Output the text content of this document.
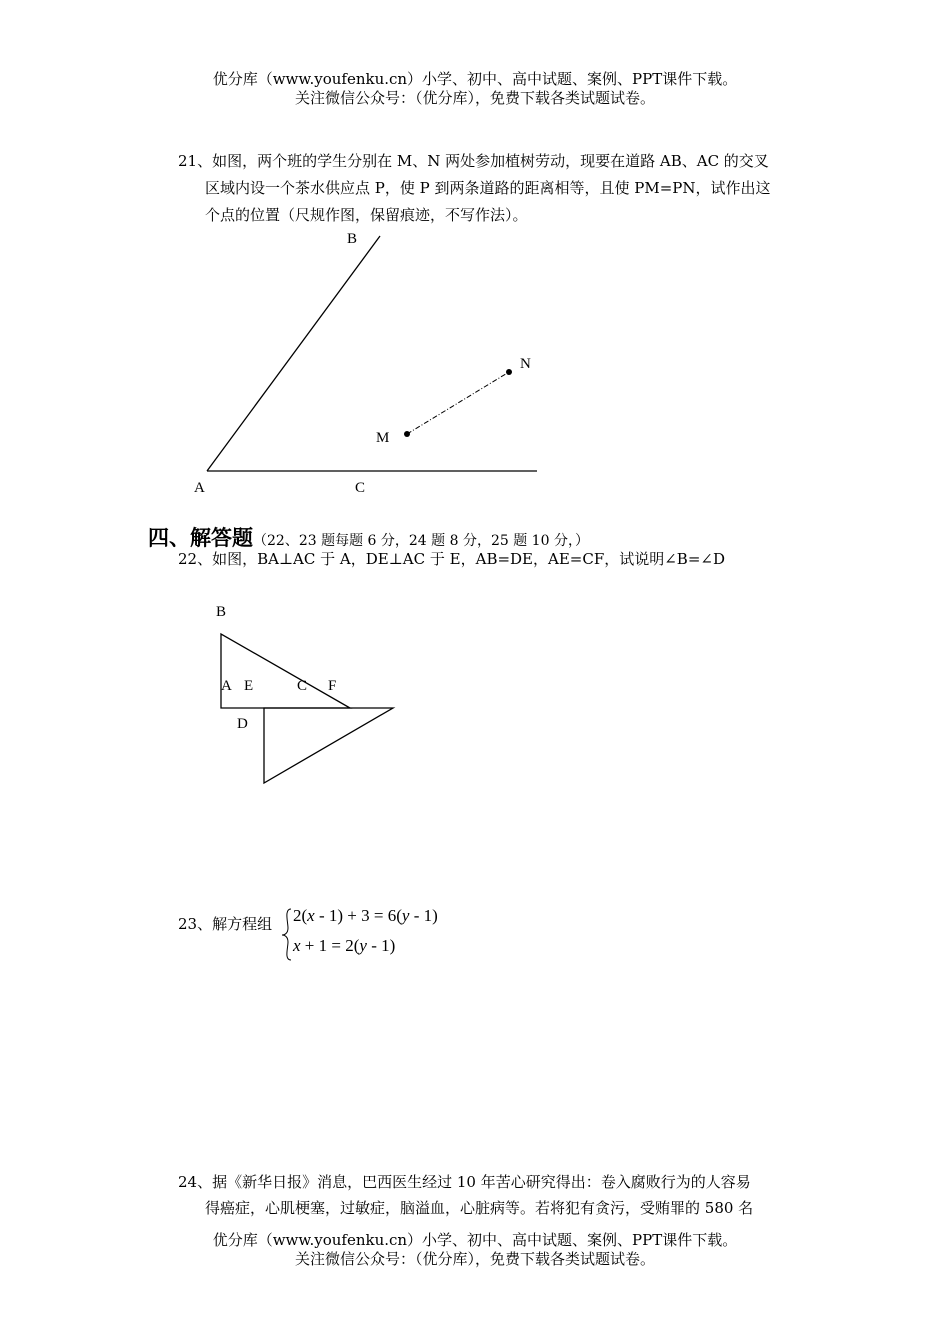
优分库（www.youfenku.cn）小学、初中、高中试题、案例、PPT课件下载。
关注微信公众号：（优分库），免费下载各类试题试卷。
21、如图，两个班的学生分别在 M、N 两处参加植树劳动，现要在道路 AB、AC 的交叉
区域内设一个茶水供应点 P，使 P 到两条道路的距离相等，且使 PM=PN，试作出这
个点的位置（尺规作图，保留痕迹，不写作法）。
B
N
M
A	C
四、解答题（22、23 题每题 6 分，24 题 8 分，25 题 10 分，）
22、如图，BA⊥AC 于 A，DE⊥AC 于 E，AB=DE，AE=CF，试说明∠B=∠D
B
A E	C F
D
23、解方程组 2(x - 1) + 3 = 6(y - 1)
x + 1 = 2(y - 1)
24、据《新华日报》消息，巴西医生经过 10 年苦心研究得出：卷入腐败行为的人容易
得癌症，心肌梗塞，过敏症，脑溢血，心脏病等。若将犯有贪污，受贿罪的 580 名
优分库（www.youfenku.cn）小学、初中、高中试题、案例、PPT课件下载。
关注微信公众号：（优分库），免费下载各类试题试卷。
